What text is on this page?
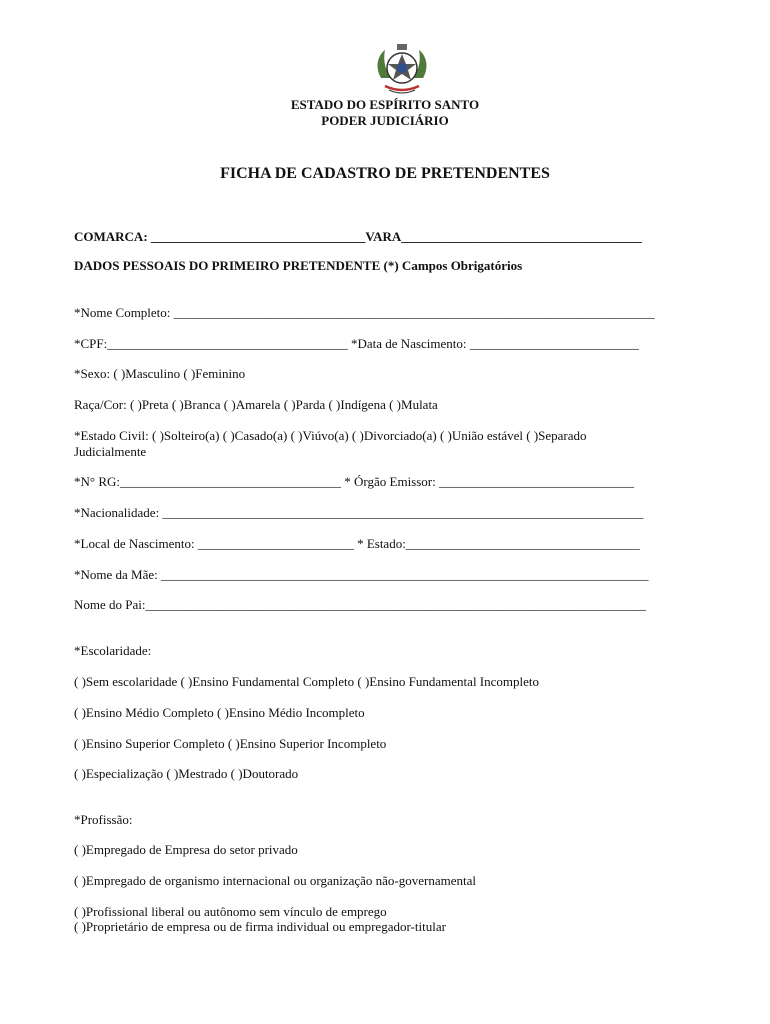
ESTADO DO ESPÍRITO SANTO
PODER JUDICIÁRIO
FICHA DE CADASTRO DE PRETENDENTES
COMARCA: _________________________________VARA_____________________________________
DADOS PESSOAIS DO PRIMEIRO PRETENDENTE (*) Campos Obrigatórios
*Nome Completo: __________________________________________________________________________
*CPF:_____________________________________ *Data de Nascimento: __________________________
*Sexo: ( )Masculino ( )Feminino
Raça/Cor: ( )Preta ( )Branca ( )Amarela ( )Parda ( )Indígena ( )Mulata
*Estado Civil: ( )Solteiro(a) ( )Casado(a) ( )Viúvo(a) ( )Divorciado(a) ( )União estável ( )Separado
Judicialmente
*N° RG:__________________________________ * Órgão Emissor: ______________________________
*Nacionalidade: __________________________________________________________________________
*Local de Nascimento: ________________________ * Estado:____________________________________
*Nome da Mãe: ___________________________________________________________________________
Nome do Pai:_____________________________________________________________________________
*Escolaridade:
( )Sem escolaridade ( )Ensino Fundamental Completo ( )Ensino Fundamental Incompleto
( )Ensino Médio Completo ( )Ensino Médio Incompleto
( )Ensino Superior Completo ( )Ensino Superior Incompleto
( )Especialização ( )Mestrado ( )Doutorado
*Profissão:
( )Empregado de Empresa do setor privado
( )Empregado de organismo internacional ou organização não-governamental
( )Profissional liberal ou autônomo sem vínculo de emprego
( )Proprietário de empresa ou de firma individual ou empregador-titular
